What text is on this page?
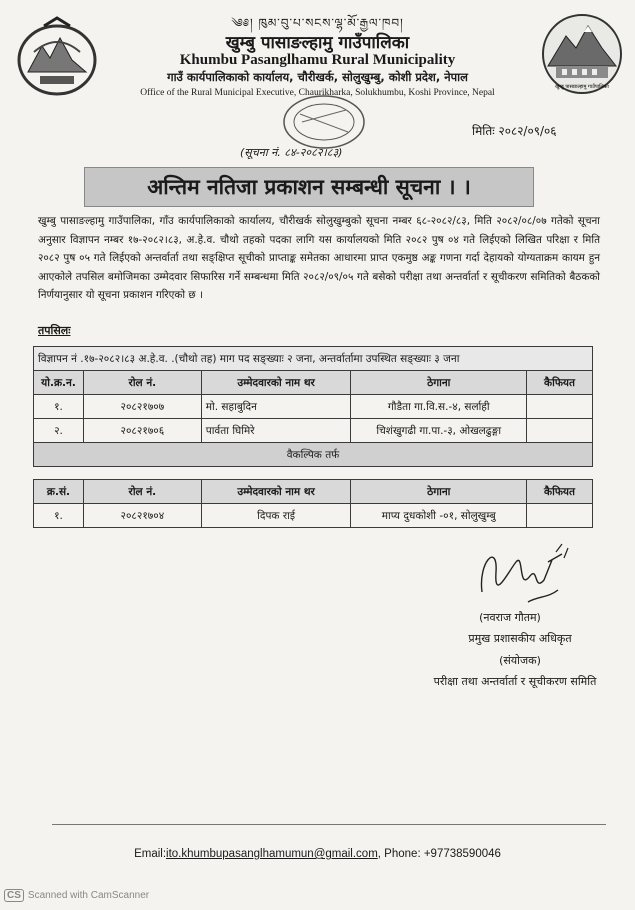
खुम्बु पासाङल्हामु गाउँपालिका
༄༅། ཁུམ་བུ་པ་སངས་ལྷ་མོ་རྒྱལ་ཁབ།
खुम्बु पासाङल्हामु गाउँपालिका
Khumbu Pasanglhamu Rural Municipality
गाउँ कार्यपालिकाको कार्यालय, चौरीखर्क, सोलुखुम्बु, कोशी प्रदेश, नेपाल
Office of the Rural Municipal Executive, Chaurikharka, Solukhumbu, Koshi Province, Nepal
मितिः २०८२/०९/०६
(सूचना नं. ८४-२०८२।८३)
अन्तिम नतिजा प्रकाशन सम्बन्धी सूचना । ।

खुम्बु पासाङल्हामु गाउँपालिका, गाँउ कार्यपालिकाको कार्यालय, चौरीखर्क सोलुखुम्बुको सूचना नम्बर ६८-२०८२/८३, मिति २०८२/०८/०७ गतेको सूचना अनुसार विज्ञापन नम्बर १७-२०८२।८३, अ.हे.व. चौथो तहको पदका लागि यस कार्यालयको मिति २०८२ पुष ०४ गते लिईएको लिखित परिक्षा र मिति २०८२ पुष ०५ गते लिईएको अन्तर्वार्ता तथा सङ्क्षिप्त सूचीको प्राप्ताङ्क समेतका आधारमा प्राप्त एकमुष्ठ अङ्क गणना गर्दा देहायको योग्यताक्रम कायम हुन आएकोले तपसिल बमोजिमका उम्मेदवार सिफारिस गर्ने सम्बन्धमा मिति २०८२/०९/०५ गते बसेको परीक्षा तथा अन्तर्वार्ता र सूचीकरण समितिको बैठकको निर्णयानुसार यो सूचना प्रकाशन गरिएको छ ।

तपसिलः
विज्ञापन नं .१७-२०८२।८३ अ.हे.व. .(चौथो तह) माग पद सङ्ख्याः २ जना, अन्तर्वार्तामा उपस्थित सङ्ख्याः ३ जना				
यो.क्र.न.	रोल नं.	उम्मेदवारको नाम थर	ठेगाना	कैफियत
१.	२०८२१७०७	मो. सहाबुदिन	गौडैता गा.वि.स.-४, सर्लाही	
२.	२०८२१७०६	पार्वता घिमिरे	चिशंखुगढी गा.पा.-३, ओखलढुङ्गा	
वैकल्पिक तर्फ				
क्र.सं.	रोल नं.	उम्मेदवारको नाम थर	ठेगाना	कैफियत
१.	२०८२१७०४	दिपक राई	माप्य दुधकोशी -०१, सोलुखुम्बु	
(नवराज गौतम)
प्रमुख प्रशासकीय अधिकृत
(संयोजक)
परीक्षा तथा अन्तर्वार्ता र सूचीकरण समिति
Email:ito.khumbupasanglhamumun@gmail.com, Phone: +97738590046
CS Scanned with CamScanner
